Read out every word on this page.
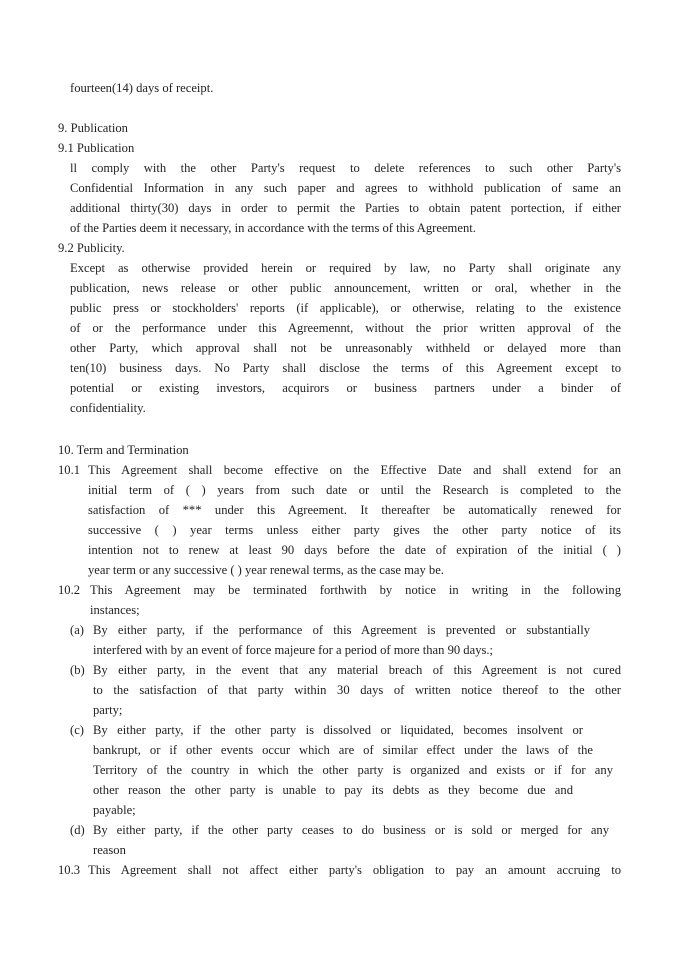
fourteen(14) days of receipt.
9. Publication
9.1 Publication
ll comply with the other Party's request to delete references to such other Party's
Confidential Information in any such paper and agrees to withhold publication of same an
additional thirty(30) days in order to permit the Parties to obtain patent portection, if either
of the Parties deem it necessary, in accordance with the terms of this Agreement.
9.2 Publicity.
Except as otherwise provided herein or required by law, no Party shall originate any
publication, news release or other public announcement, written or oral, whether in the
public press or stockholders' reports (if applicable), or otherwise, relating to the existence
of or the performance under this Agreemennt, without the prior written approval of the
other Party, which approval shall not be unreasonably withheld or delayed more than
ten(10) business days. No Party shall disclose the terms of this Agreement except to
potential or existing investors, acquirors or business partners under a binder of
confidentiality.
10. Term and Termination
10.1 This Agreement shall become effective on the Effective Date and shall extend for an
initial term of ( ) years from such date or until the Research is completed to the
satisfaction of *** under this Agreement. It thereafter be automatically renewed for
successive ( ) year terms unless either party gives the other party notice of its
intention not to renew at least 90 days before the date of expiration of the initial ( )
year term or any successive ( ) year renewal terms, as the case may be.
10.2 This Agreement may be terminated forthwith by notice in writing in the following
instances;
(a) By either party, if the performance of this Agreement is prevented or substantially
interfered with by an event of force majeure for a period of more than 90 days.;
(b) By either party, in the event that any material breach of this Agreement is not cured
to the satisfaction of that party within 30 days of written notice thereof to the other
party;
(c) By either party, if the other party is dissolved or liquidated, becomes insolvent or
bankrupt, or if other events occur which are of similar effect under the laws of the
Territory of the country in which the other party is organized and exists or if for any
other reason the other party is unable to pay its debts as they become due and
payable;
(d) By either party, if the other party ceases to do business or is sold or merged for any
reason
10.3 This Agreement shall not affect either party's obligation to pay an amount accruing to
